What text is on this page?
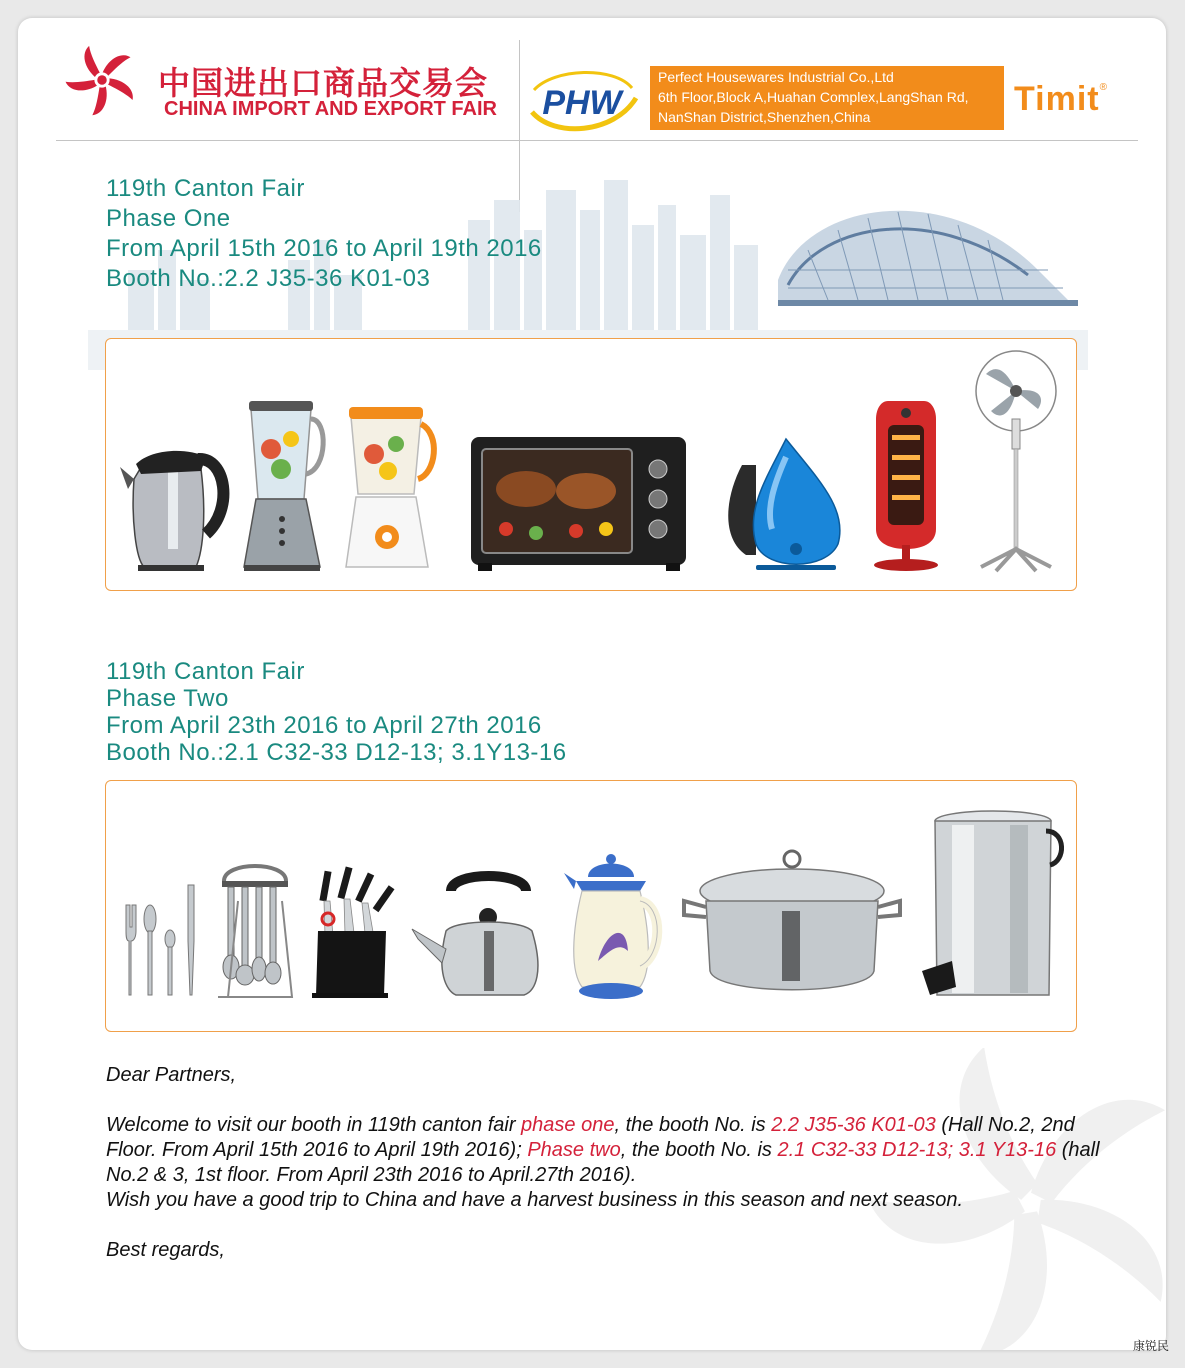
中国进出口商品交易会
CHINA IMPORT AND EXPORT FAIR PHW
Perfect Housewares Industrial Co.,Ltd
6th Floor,Block A,Huahan Complex,LangShan Rd,
NanShan District,Shenzhen,China	Timit®
119th Canton Fair
Phase One
From April 15th 2016 to April 19th 2016
Booth No.:2.2 J35-36 K01-03
119th Canton Fair
Phase Two
From April 23th 2016 to April 27th 2016
Booth No.:2.1 C32-33 D12-13; 3.1Y13-16

Dear Partners,

Welcome to visit our booth in 119th canton fair phase one, the booth No. is 2.2 J35-36 K01-03 (Hall No.2, 2nd Floor. From April 15th 2016 to April 19th 2016); Phase two, the booth No. is 2.1 C32-33 D12-13; 3.1 Y13-16 (hall No.2 & 3, 1st floor. From April 23th 2016 to April.27th 2016).

Wish you have a good trip to China and have a harvest business in this season and next season.

Best regards,

康锐民
